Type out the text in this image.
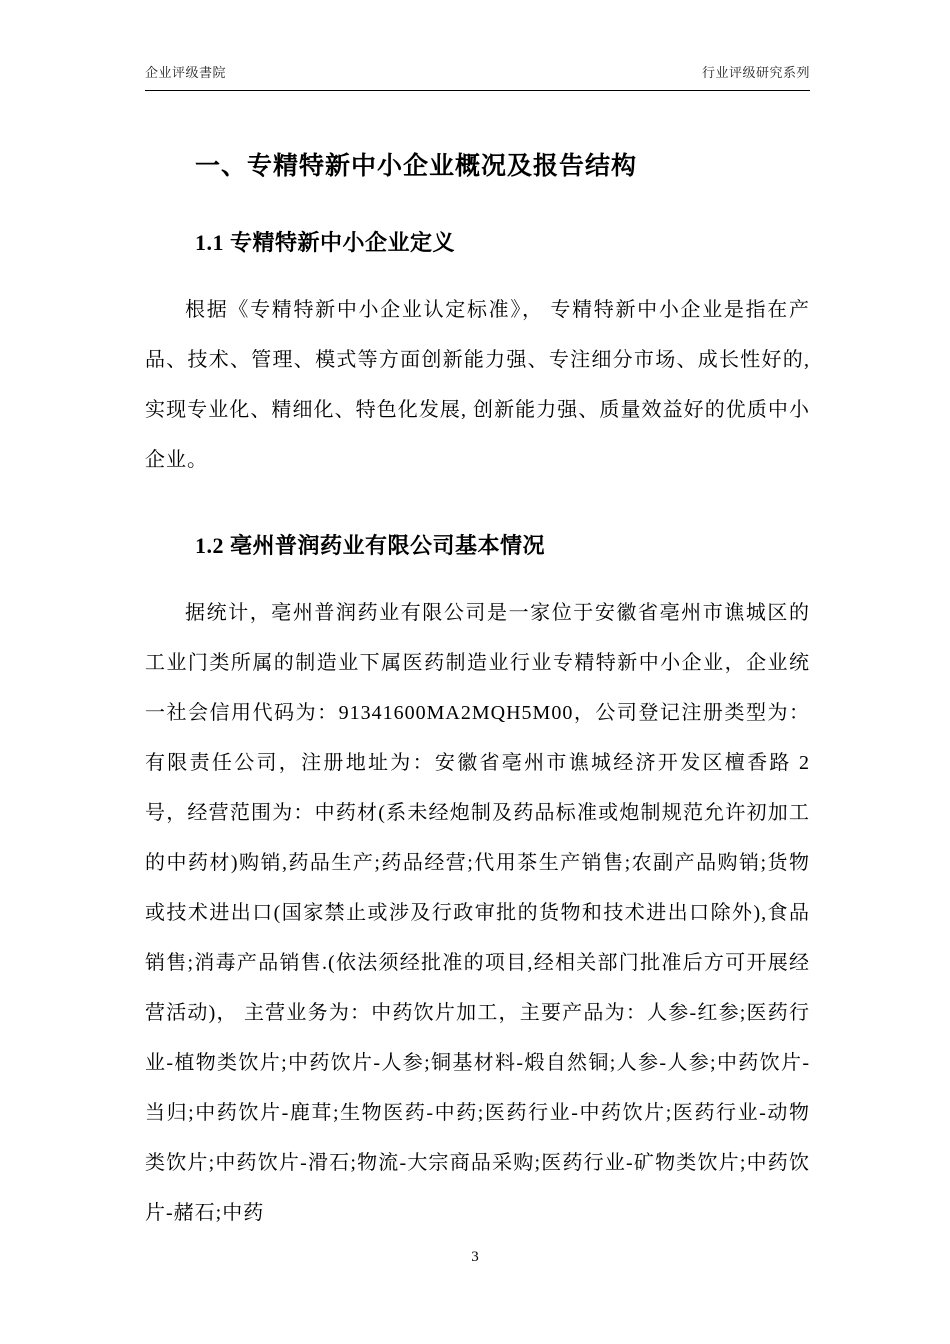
企业评级書院	行业评级研究系列
一、专精特新中小企业概况及报告结构
1.1 专精特新中小企业定义

根据《专精特新中小企业认定标准》， 专精特新中小企业是指在产品、技术、管理、模式等方面创新能力强、专注细分市场、成长性好的, 实现专业化、精细化、特色化发展, 创新能力强、质量效益好的优质中小企业。

1.2 亳州普润药业有限公司基本情况

据统计，亳州普润药业有限公司是一家位于安徽省亳州市谯城区的工业门类所属的制造业下属医药制造业行业专精特新中小企业，企业统一社会信用代码为：91341600MA2MQH5M00，公司登记注册类型为：有限责任公司，注册地址为：安徽省亳州市谯城经济开发区檀香路 2 号，经营范围为：中药材(系未经炮制及药品标准或炮制规范允许初加工的中药材)购销,药品生产;药品经营;代用茶生产销售;农副产品购销;货物或技术进出口(国家禁止或涉及行政审批的货物和技术进出口除外),食品销售;消毒产品销售.(依法须经批准的项目,经相关部门批准后方可开展经营活动)， 主营业务为：中药饮片加工，主要产品为：人参-红参;医药行业-植物类饮片;中药饮片-人参;铜基材料-煅自然铜;人参-人参;中药饮片-当归;中药饮片-鹿茸;生物医药-中药;医药行业-中药饮片;医药行业-动物类饮片;中药饮片-滑石;物流-大宗商品采购;医药行业-矿物类饮片;中药饮片-赭石;中药

3
